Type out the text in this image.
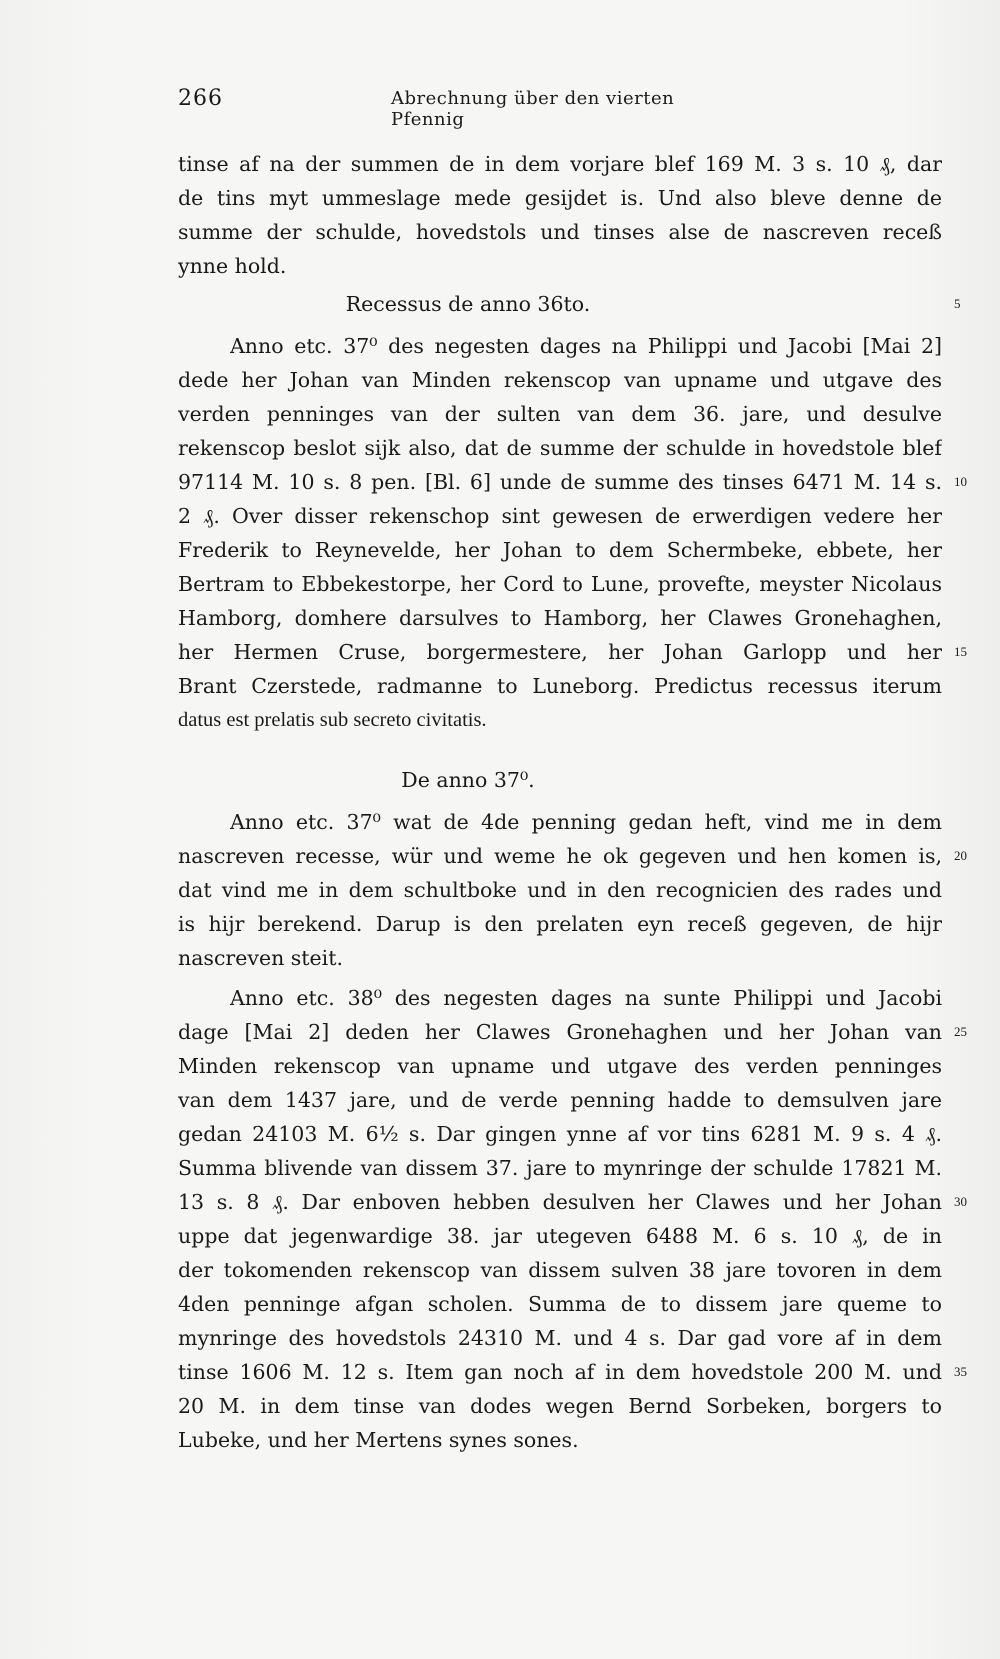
266	Abrechnung über den vierten Pfennig
tinse af na der summen de in dem vorjare blef 169 M. 3 s. 10 ₰, dar
de tins myt ummeslage mede gesijdet is. Und also bleve denne de
summe der schulde, hovedstols und tinses alse de nascreven receß
ynne hold.
Recessus de anno 36to.	5
Anno etc. 37⁰ des negesten dages na Philippi und Jacobi [Mai 2]
dede her Johan van Minden rekenscop van upname und utgave des
verden penninges van der sulten van dem 36. jare, und desulve
rekenscop beslot sijk also, dat de summe der schulde in hovedstole blef
97114 M. 10 s. 8 pen. [Bl. 6] unde de summe des tinses 6471 M. 14 s. 10
2 ₰. Over disser rekenschop sint gewesen de erwerdigen vedere her
Frederik to Reynevelde, her Johan to dem Schermbeke, ebbete, her
Bertram to Ebbekestorpe, her Cord to Lune, provefte, meyster Nicolaus
Hamborg, domhere darsulves to Hamborg, her Clawes Gronehaghen,
her Hermen Cruse, borgermestere, her Johan Garlopp und her 15
Brant Czerstede, radmanne to Luneborg. Predictus recessus iterum
datus est prelatis sub secreto civitatis.
De anno 37⁰.
Anno etc. 37⁰ wat de 4de penning gedan heft, vind me in dem
nascreven recesse, wür und weme he ok gegeven und hen komen is, 20
dat vind me in dem schultboke und in den recognicien des rades und
is hijr berekend. Darup is den prelaten eyn receß gegeven, de hijr
nascreven steit.
Anno etc. 38⁰ des negesten dages na sunte Philippi und Jacobi
dage [Mai 2] deden her Clawes Gronehaghen und her Johan van 25
Minden rekenscop van upname und utgave des verden penninges
van dem 1437 jare, und de verde penning hadde to demsulven jare
gedan 24103 M. 6½ s. Dar gingen ynne af vor tins 6281 M. 9 s. 4 ₰.
Summa blivende van dissem 37. jare to mynringe der schulde 17821 M.
13 s. 8 ₰. Dar enboven hebben desulven her Clawes und her Johan 30
uppe dat jegenwardige 38. jar utegeven 6488 M. 6 s. 10 ₰, de in
der tokomenden rekenscop van dissem sulven 38 jare tovoren in dem
4den penninge afgan scholen. Summa de to dissem jare queme to
mynringe des hovedstols 24310 M. und 4 s. Dar gad vore af in dem
tinse 1606 M. 12 s. Item gan noch af in dem hovedstole 200 M. und 35
20 M. in dem tinse van dodes wegen Bernd Sorbeken, borgers to
Lubeke, und her Mertens synes sones.
